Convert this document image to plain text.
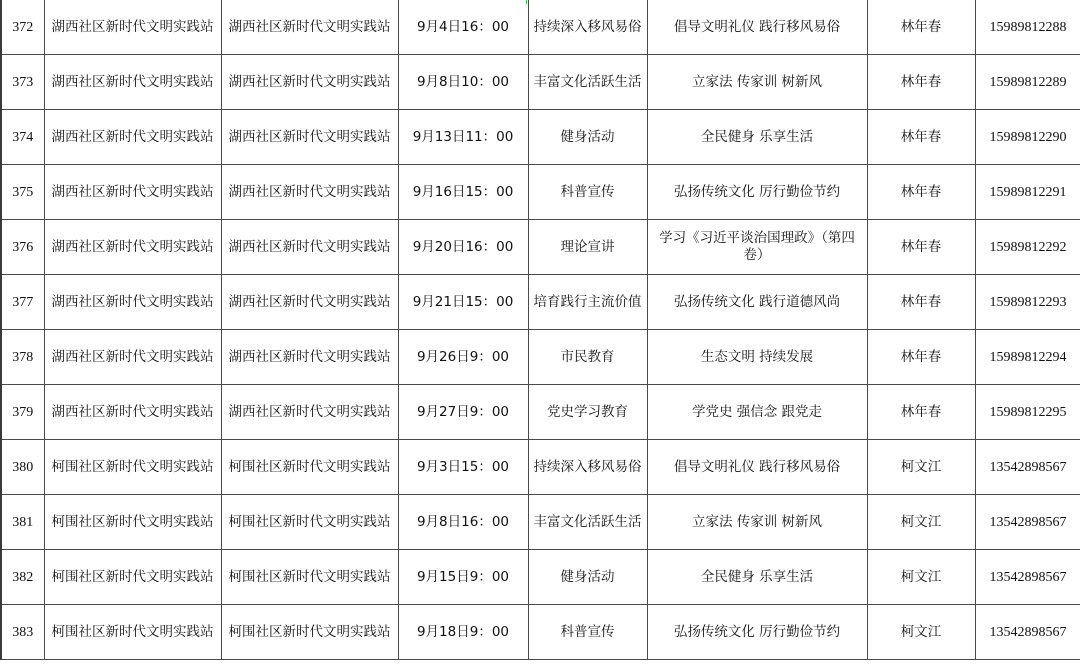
372	湖西社区新时代文明实践站	湖西社区新时代文明实践站	9月4日16：00	持续深入移风易俗	倡导文明礼仪 践行移风易俗	林年春	15989812288
373	湖西社区新时代文明实践站	湖西社区新时代文明实践站	9月8日10：00	丰富文化活跃生活	立家法 传家训 树新风	林年春	15989812289
374	湖西社区新时代文明实践站	湖西社区新时代文明实践站	9月13日11：00	健身活动	全民健身 乐享生活	林年春	15989812290
375	湖西社区新时代文明实践站	湖西社区新时代文明实践站	9月16日15：00	科普宣传	弘扬传统文化 厉行勤俭节约	林年春	15989812291
376	湖西社区新时代文明实践站	湖西社区新时代文明实践站	9月20日16：00	理论宣讲	学习《习近平谈治国理政》（第四卷）	林年春	15989812292
377	湖西社区新时代文明实践站	湖西社区新时代文明实践站	9月21日15：00	培育践行主流价值	弘扬传统文化 践行道德风尚	林年春	15989812293
378	湖西社区新时代文明实践站	湖西社区新时代文明实践站	9月26日9：00	市民教育	生态文明 持续发展	林年春	15989812294
379	湖西社区新时代文明实践站	湖西社区新时代文明实践站	9月27日9：00	党史学习教育	学党史 强信念 跟党走	林年春	15989812295
380	柯围社区新时代文明实践站	柯围社区新时代文明实践站	9月3日15：00	持续深入移风易俗	倡导文明礼仪 践行移风易俗	柯文江	13542898567
381	柯围社区新时代文明实践站	柯围社区新时代文明实践站	9月8日16：00	丰富文化活跃生活	立家法 传家训 树新风	柯文江	13542898567
382	柯围社区新时代文明实践站	柯围社区新时代文明实践站	9月15日9：00	健身活动	全民健身 乐享生活	柯文江	13542898567
383	柯围社区新时代文明实践站	柯围社区新时代文明实践站	9月18日9：00	科普宣传	弘扬传统文化 厉行勤俭节约	柯文江	13542898567
